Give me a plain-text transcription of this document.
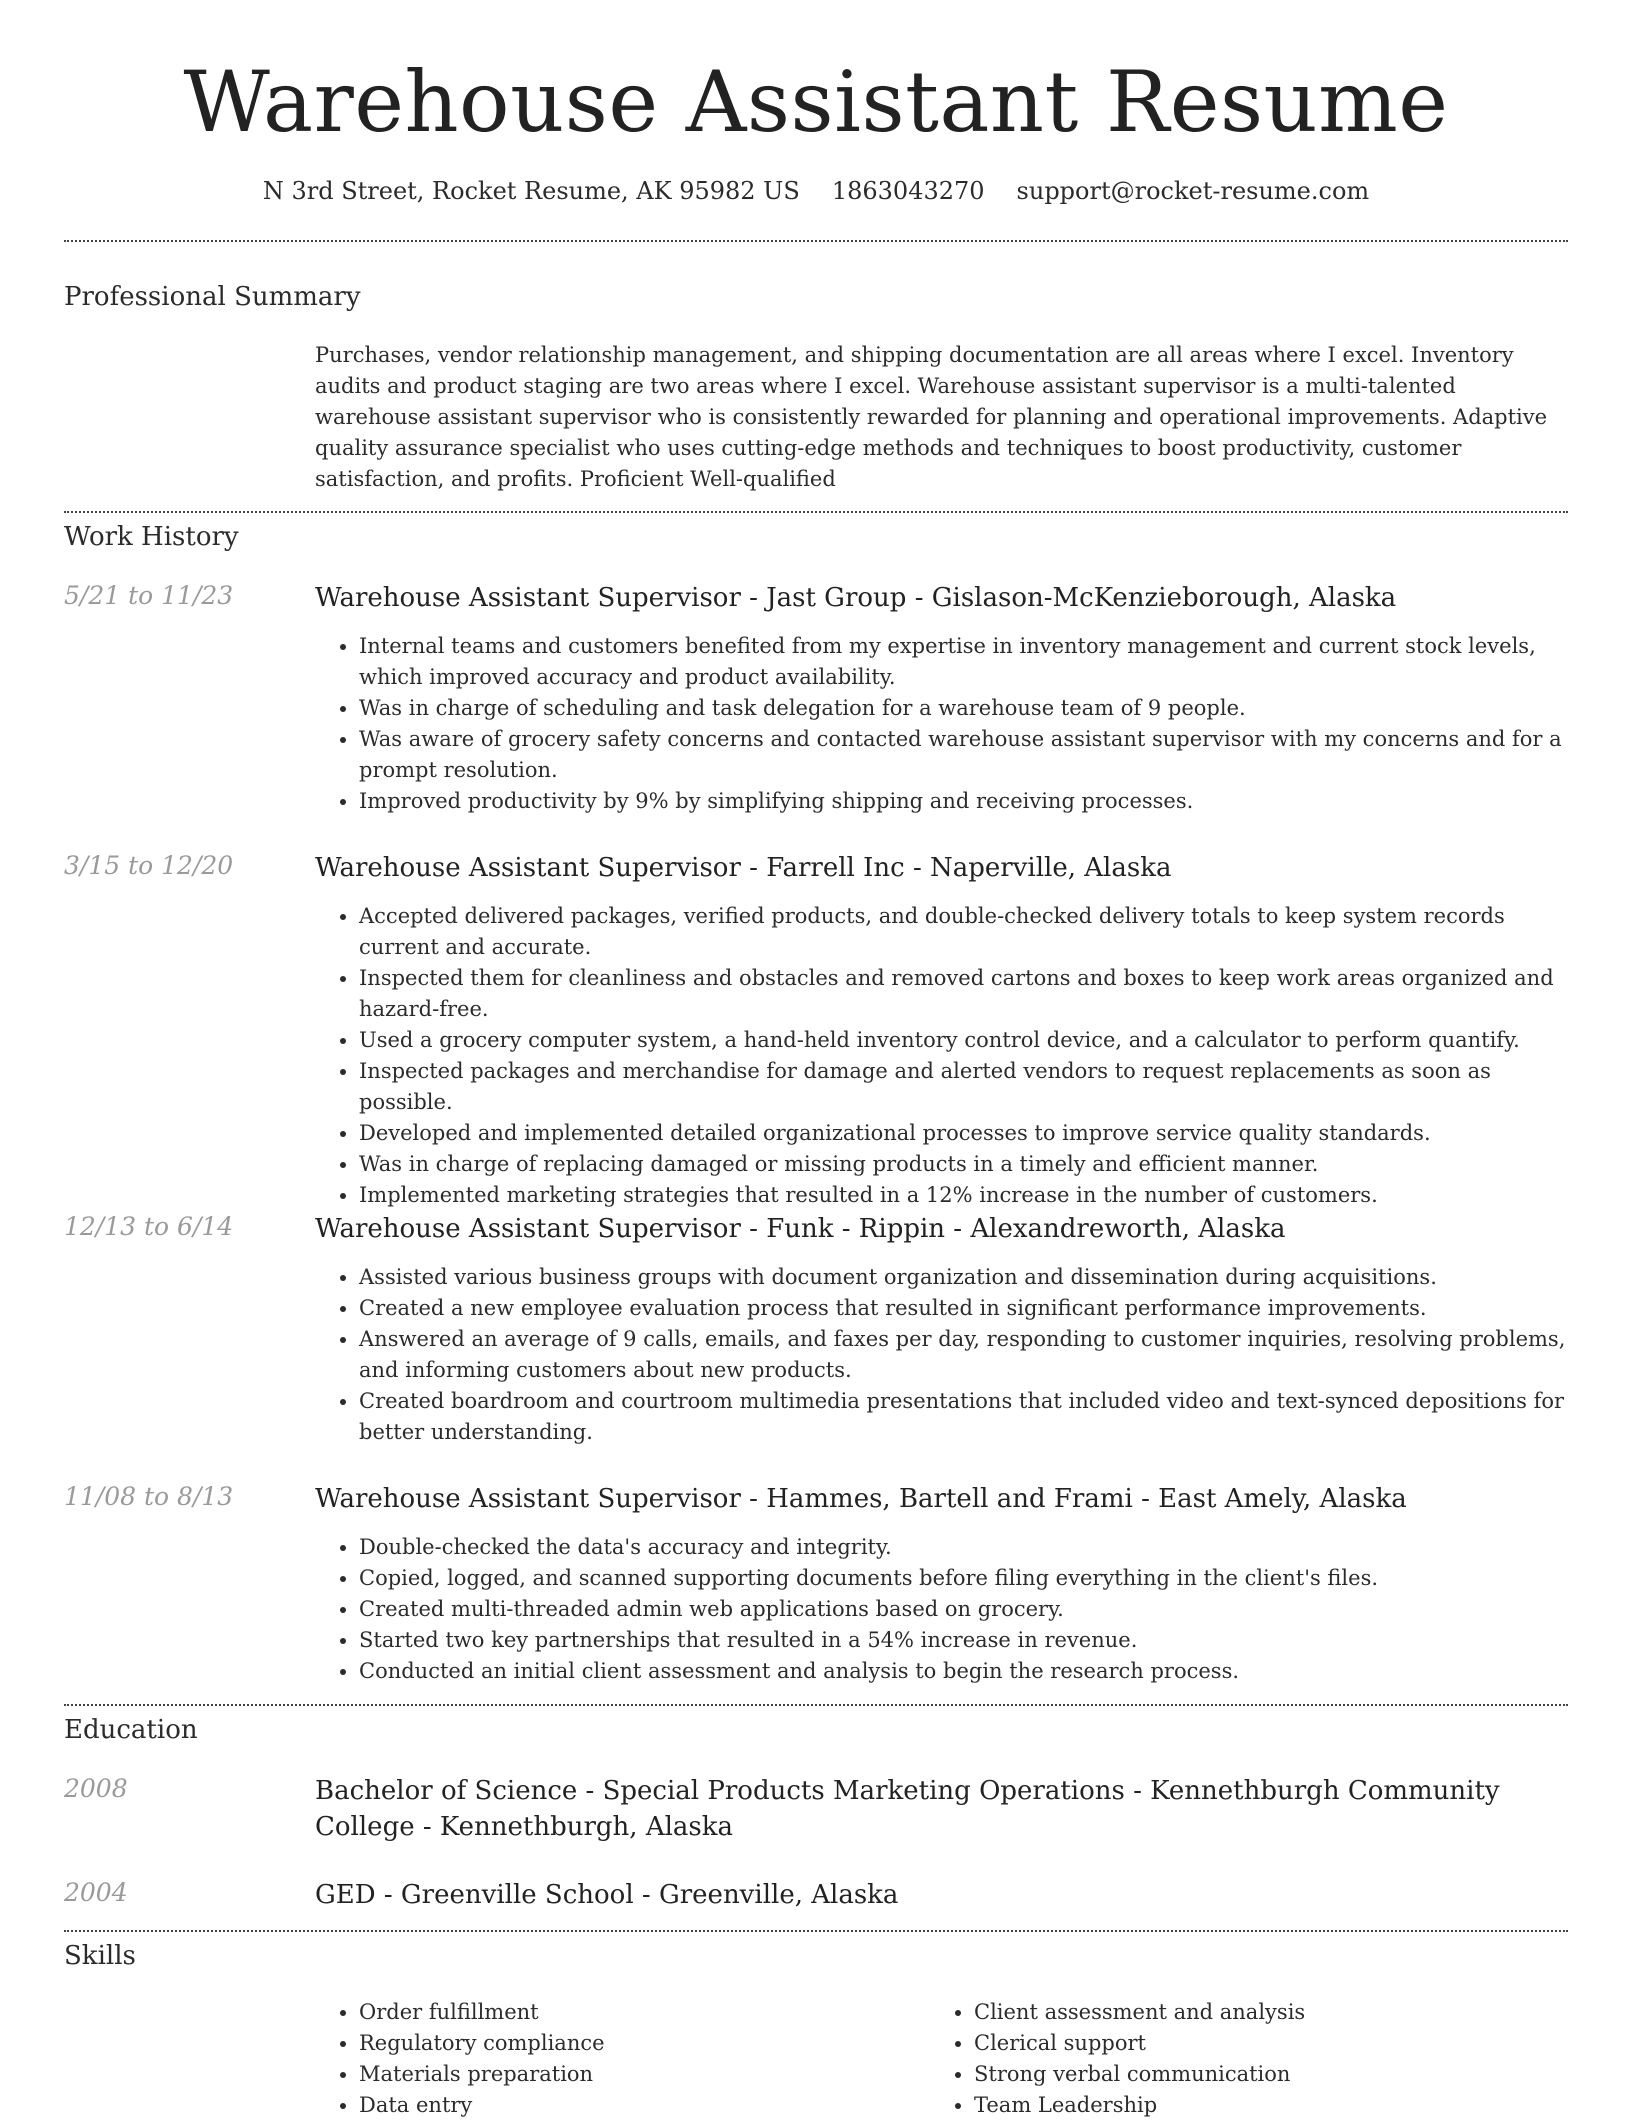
Warehouse Assistant Resume
N 3rd Street, Rocket Resume, AK 95982 US 1863043270 support@rocket-resume.com
Professional Summary

Purchases, vendor relationship management, and shipping documentation are all areas where I excel. Inventory audits and product staging are two areas where I excel. Warehouse assistant supervisor is a multi-talented warehouse assistant supervisor who is consistently rewarded for planning and operational improvements. Adaptive quality assurance specialist who uses cutting-edge methods and techniques to boost productivity, customer satisfaction, and profits. Proficient Well-qualified

Work History
5/21 to 11/23	Warehouse Assistant Supervisor - Jast Group - Gislason-McKenzieborough, Alaska
• Internal teams and customers benefited from my expertise in inventory management and current stock levels, which improved accuracy and product availability.
• Was in charge of scheduling and task delegation for a warehouse team of 9 people.
• Was aware of grocery safety concerns and contacted warehouse assistant supervisor with my concerns and for a prompt resolution.
• Improved productivity by 9% by simplifying shipping and receiving processes.
3/15 to 12/20	Warehouse Assistant Supervisor - Farrell Inc - Naperville, Alaska
• Accepted delivered packages, verified products, and double-checked delivery totals to keep system records current and accurate.
• Inspected them for cleanliness and obstacles and removed cartons and boxes to keep work areas organized and hazard-free.
• Used a grocery computer system, a hand-held inventory control device, and a calculator to perform quantify.
• Inspected packages and merchandise for damage and alerted vendors to request replacements as soon as possible.
• Developed and implemented detailed organizational processes to improve service quality standards.
• Was in charge of replacing damaged or missing products in a timely and efficient manner.
• Implemented marketing strategies that resulted in a 12% increase in the number of customers.
12/13 to 6/14	Warehouse Assistant Supervisor - Funk - Rippin - Alexandreworth, Alaska
• Assisted various business groups with document organization and dissemination during acquisitions.
• Created a new employee evaluation process that resulted in significant performance improvements.
• Answered an average of 9 calls, emails, and faxes per day, responding to customer inquiries, resolving problems, and informing customers about new products.
• Created boardroom and courtroom multimedia presentations that included video and text-synced depositions for better understanding.
11/08 to 8/13	Warehouse Assistant Supervisor - Hammes, Bartell and Frami - East Amely, Alaska
• Double-checked the data's accuracy and integrity.
• Copied, logged, and scanned supporting documents before filing everything in the client's files.
• Created multi-threaded admin web applications based on grocery.
• Started two key partnerships that resulted in a 54% increase in revenue.
• Conducted an initial client assessment and analysis to begin the research process.
Education
2008	Bachelor of Science - Special Products Marketing Operations - Kennethburgh Community College - Kennethburgh, Alaska
2004	GED - Greenville School - Greenville, Alaska
Skills
• Order fulfillment
• Regulatory compliance
• Materials preparation
• Data entry
• Client assessment and analysis
• Clerical support
• Strong verbal communication
• Team Leadership
